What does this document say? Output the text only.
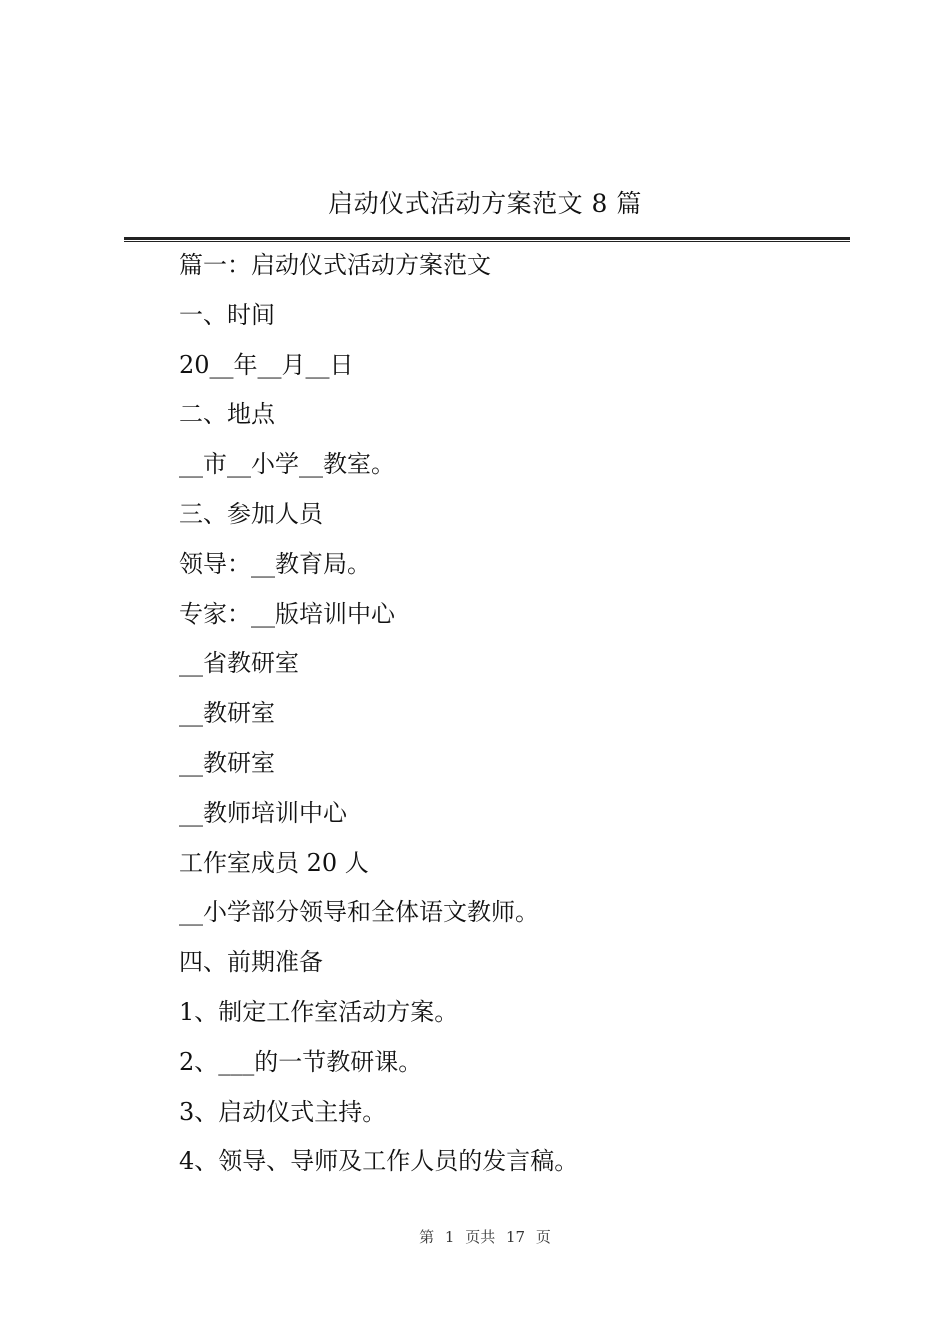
启动仪式活动方案范文 8 篇
篇一：启动仪式活动方案范文
一、时间
20__年__月__日
二、地点
__市__小学__教室。
三、参加人员
领导：__教育局。
专家：__版培训中心
__省教研室
__教研室
__教研室
__教师培训中心
工作室成员 20 人
__小学部分领导和全体语文教师。
四、前期准备
1、制定工作室活动方案。
2、___的一节教研课。
3、启动仪式主持。
4、领导、导师及工作人员的发言稿。
第 1 页共 17 页
